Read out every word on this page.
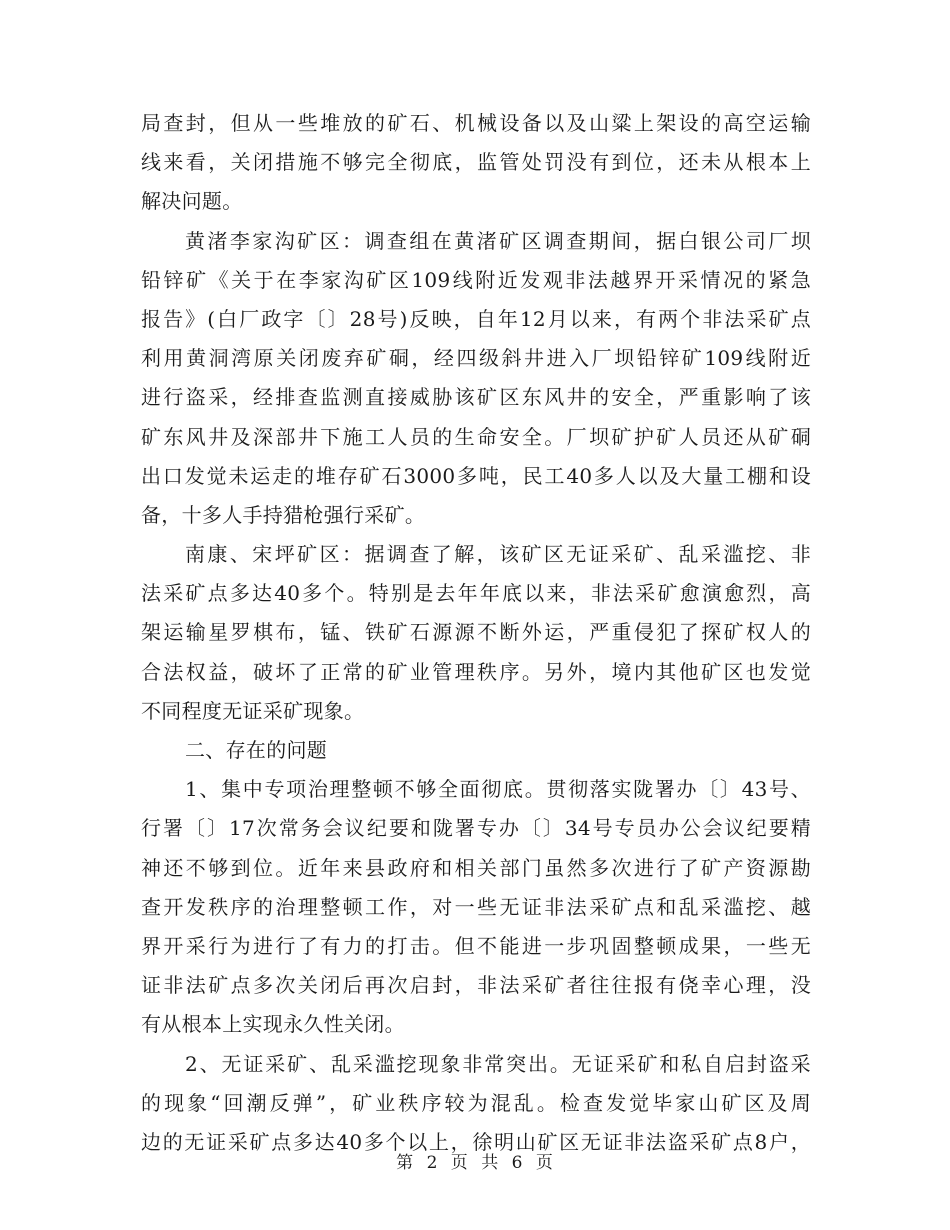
局查封，但从一些堆放的矿石、机械设备以及山粱上架设的高空运输
线来看，关闭措施不够完全彻底，监管处罚没有到位，还未从根本上
解决问题。
黄渚李家沟矿区：调查组在黄渚矿区调查期间，据白银公司厂坝
铅锌矿《关于在李家沟矿区109线附近发观非法越界开采情况的紧急
报告》(白厂政字〔〕28号)反映，自年12月以来，有两个非法采矿点
利用黄洞湾原关闭废弃矿硐，经四级斜井进入厂坝铅锌矿109线附近
进行盗采，经排查监测直接威胁该矿区东风井的安全，严重影响了该
矿东风井及深部井下施工人员的生命安全。厂坝矿护矿人员还从矿硐
出口发觉未运走的堆存矿石3000多吨，民工40多人以及大量工棚和设
备，十多人手持猎枪强行采矿。
南康、宋坪矿区：据调查了解，该矿区无证采矿、乱采滥挖、非
法采矿点多达40多个。特别是去年年底以来，非法采矿愈演愈烈，高
架运输星罗棋布，锰、铁矿石源源不断外运，严重侵犯了探矿权人的
合法权益，破坏了正常的矿业管理秩序。另外，境内其他矿区也发觉
不同程度无证采矿现象。
二、存在的问题
1、集中专项治理整顿不够全面彻底。贯彻落实陇署办〔〕43号、
行署〔〕17次常务会议纪要和陇署专办〔〕34号专员办公会议纪要精
神还不够到位。近年来县政府和相关部门虽然多次进行了矿产资源勘
查开发秩序的治理整顿工作，对一些无证非法采矿点和乱采滥挖、越
界开采行为进行了有力的打击。但不能进一步巩固整顿成果，一些无
证非法矿点多次关闭后再次启封，非法采矿者往往报有侥幸心理，没
有从根本上实现永久性关闭。
2、无证采矿、乱采滥挖现象非常突出。无证采矿和私自启封盗采
的现象“回潮反弹”，矿业秩序较为混乱。检查发觉毕家山矿区及周
边的无证采矿点多达40多个以上，徐明山矿区无证非法盗采矿点8户，
第 2 页 共 6 页
